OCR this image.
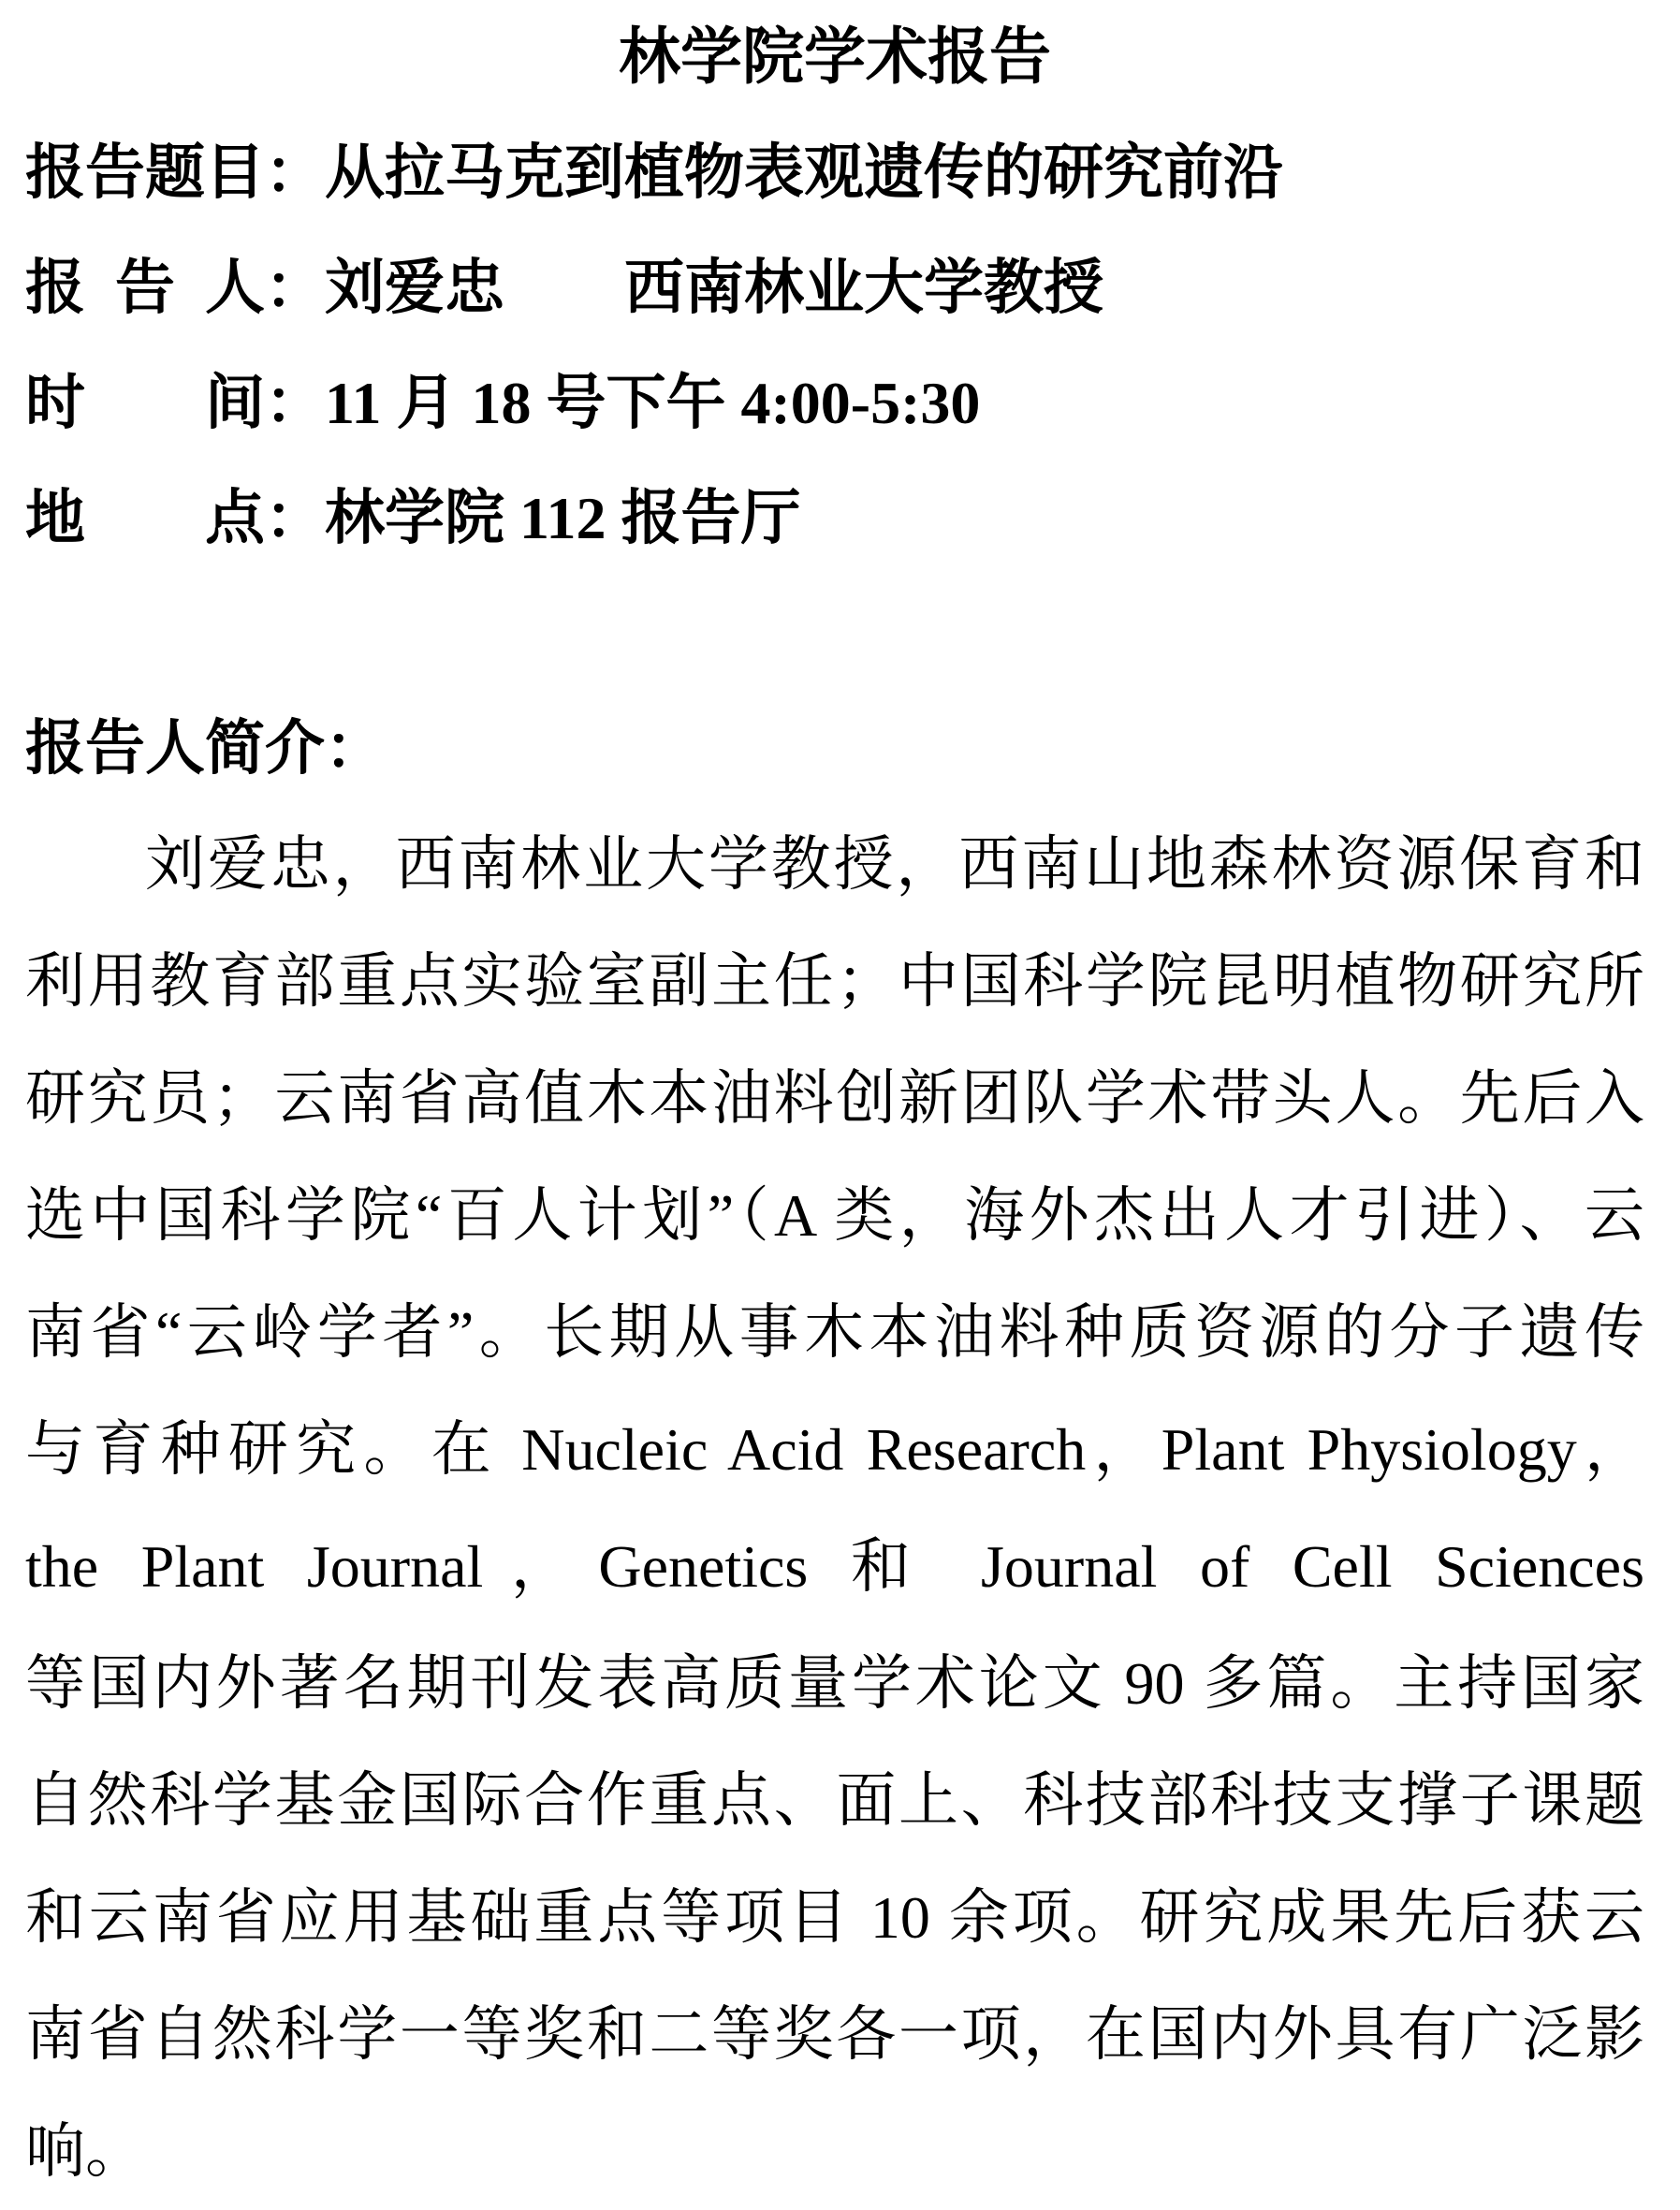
林学院学术报告
报告题目：从拉马克到植物表观遗传的研究前沿
报告人：刘爱忠　　西南林业大学教授
时间：11 月 18 号下午 4:00-5:30
地点：林学院 112 报告厅
报告人简介：
刘爱忠，西南林业大学教授，西南山地森林资源保育和
利用教育部重点实验室副主任；中国科学院昆明植物研究所
研究员；云南省高值木本油料创新团队学术带头人。先后入
选中国科学院“百人计划”（A 类，海外杰出人才引进）、云
南省“云岭学者”。长期从事木本油料种质资源的分子遗传
与育种研究。在 Nucleic Acid Research，Plant Physiology，
the Plant Journal，Genetics 和 Journal of Cell Sciences
等国内外著名期刊发表高质量学术论文 90 多篇。主持国家
自然科学基金国际合作重点、面上、科技部科技支撑子课题
和云南省应用基础重点等项目 10 余项。研究成果先后获云
南省自然科学一等奖和二等奖各一项，在国内外具有广泛影
响。
